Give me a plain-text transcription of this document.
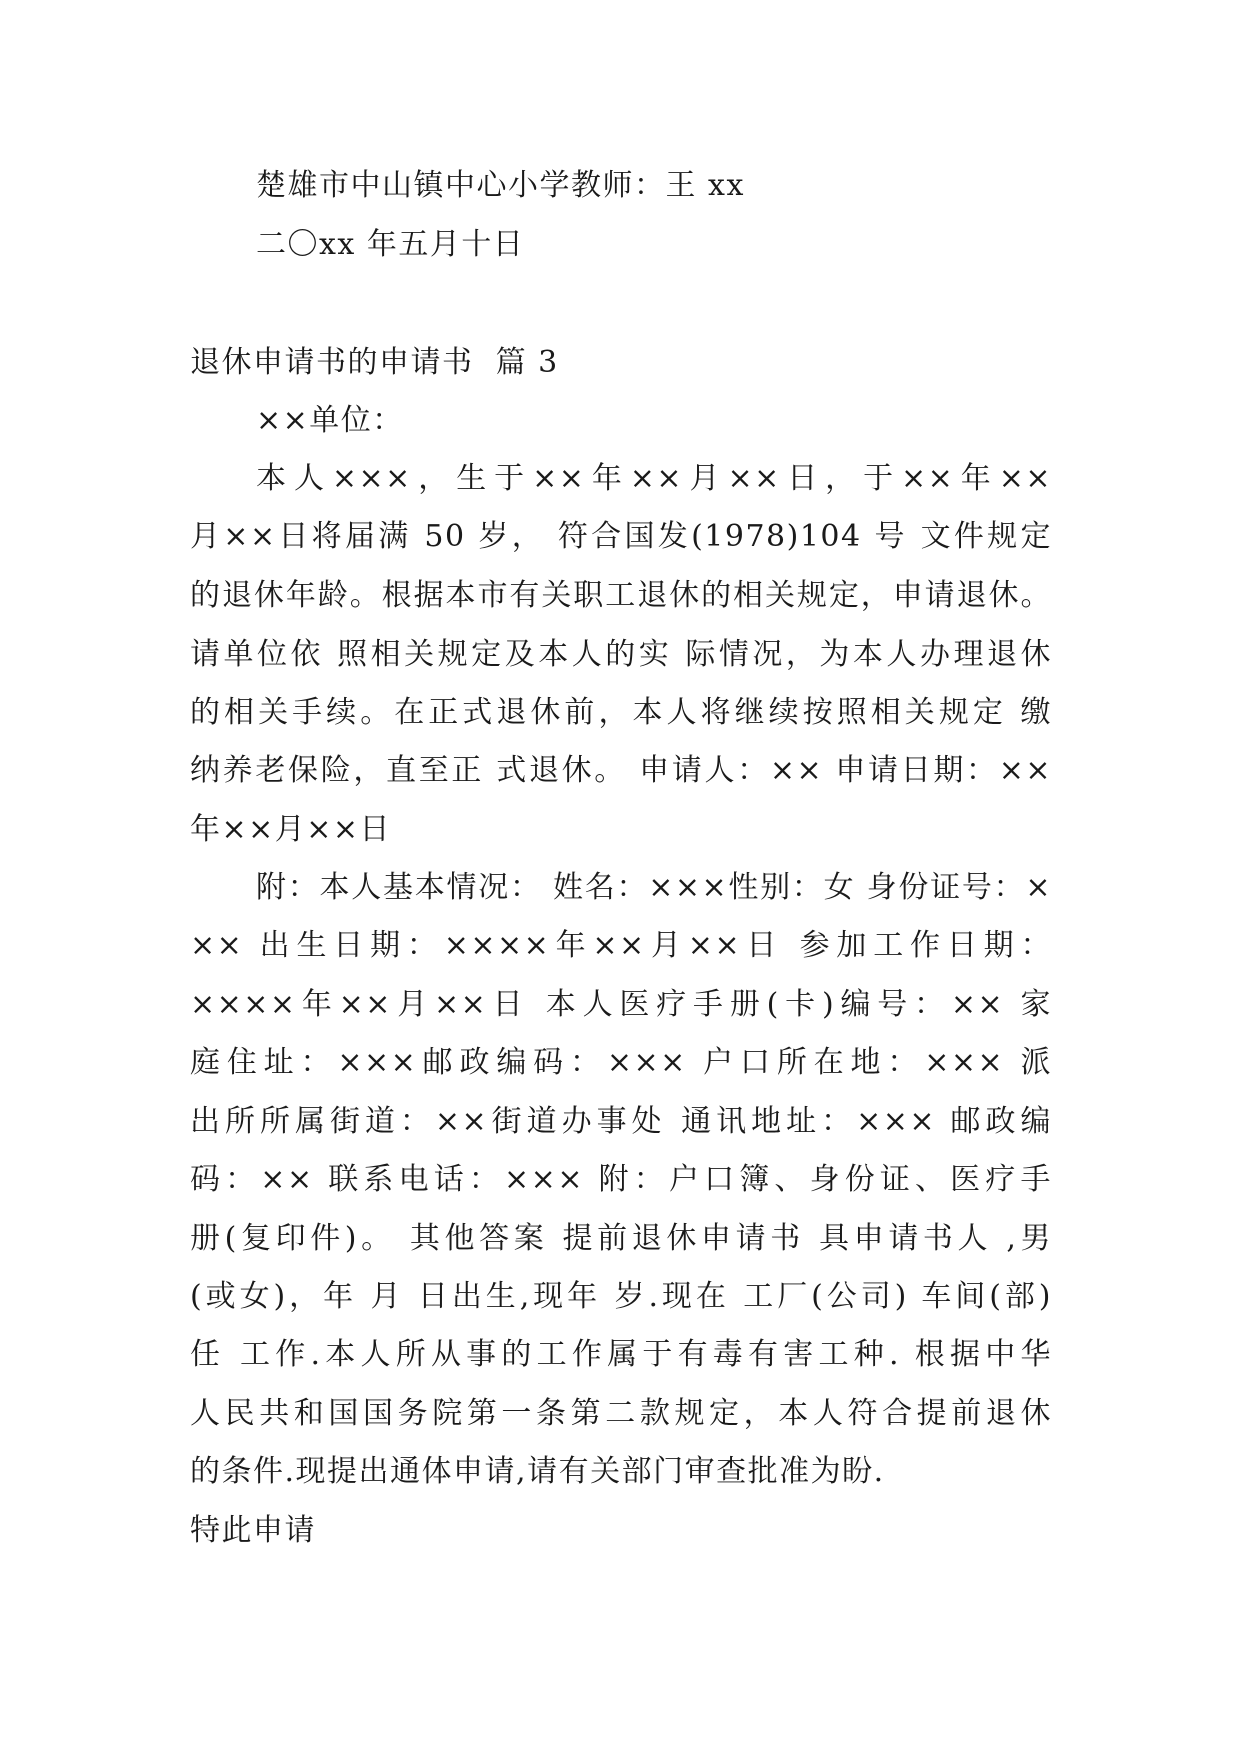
楚雄市中山镇中心小学教师：王 xx
二〇xx 年五月十日
退休申请书的申请书  篇 3
××单位：
本人×××，生于××年××月××日，于××年××
月××日将届满 50 岁， 符合国发(1978)104 号 文件规定
的退休年龄。根据本市有关职工退休的相关规定，申请退休。
请单位依 照相关规定及本人的实 际情况，为本人办理退休
的相关手续。在正式退休前，本人将继续按照相关规定 缴
纳养老保险，直至正 式退休。 申请人：×× 申请日期：××
年××月××日
附：本人基本情况： 姓名：×××性别：女 身份证号：×
×× 出生日期：××××年××月××日 参加工作日期：
××××年××月××日 本人医疗手册(卡)编号：×× 家
庭住址：×××邮政编码：××× 户口所在地：××× 派
出所所属街道：××街道办事处 通讯地址：××× 邮政编
码：×× 联系电话：××× 附：户口簿、身份证、医疗手
册(复印件)。 其他答案 提前退休申请书 具申请书人 ,男
(或女)，年 月 日出生,现年 岁.现在 工厂(公司) 车间(部)
任 工作.本人所从事的工作属于有毒有害工种. 根据中华
人民共和国国务院第一条第二款规定，本人符合提前退休
的条件.现提出通体申请,请有关部门审查批准为盼.
特此申请
